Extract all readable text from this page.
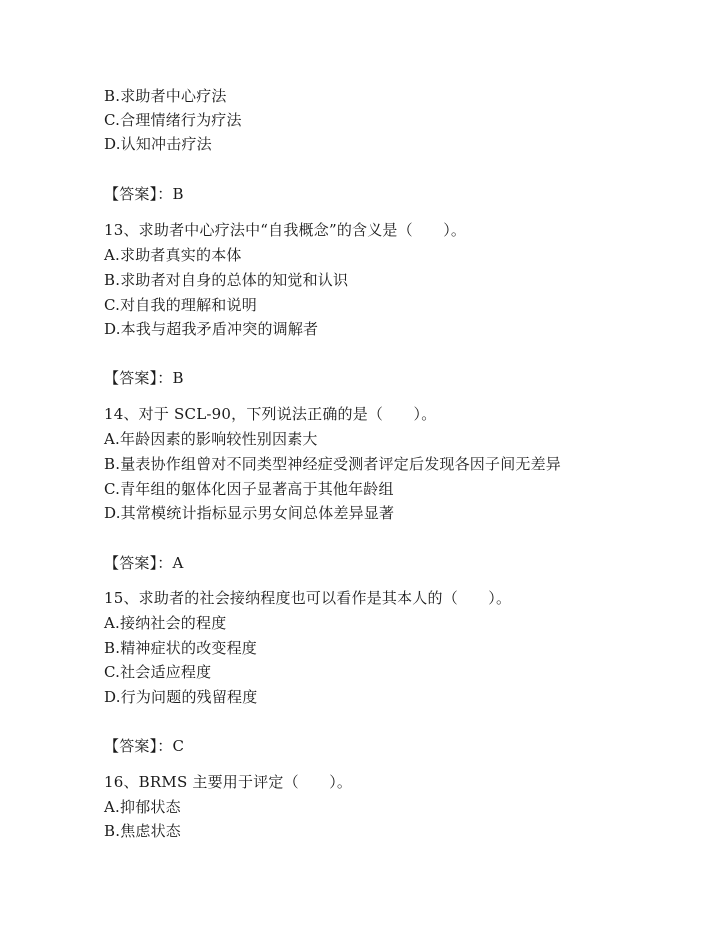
B.求助者中心疗法
C.合理情绪行为疗法
D.认知冲击疗法
【答案】：B
13、求助者中心疗法中“自我概念”的含义是（　　）。
A.求助者真实的本体
B.求助者对自身的总体的知觉和认识
C.对自我的理解和说明
D.本我与超我矛盾冲突的调解者
【答案】：B
14、对于 SCL-90，下列说法正确的是（　　）。
A.年龄因素的影响较性别因素大
B.量表协作组曾对不同类型神经症受测者评定后发现各因子间无差异
C.青年组的躯体化因子显著高于其他年龄组
D.其常模统计指标显示男女间总体差异显著
【答案】：A
15、求助者的社会接纳程度也可以看作是其本人的（　　）。
A.接纳社会的程度
B.精神症状的改变程度
C.社会适应程度
D.行为问题的残留程度
【答案】：C
16、BRMS 主要用于评定（　　）。
A.抑郁状态
B.焦虑状态
